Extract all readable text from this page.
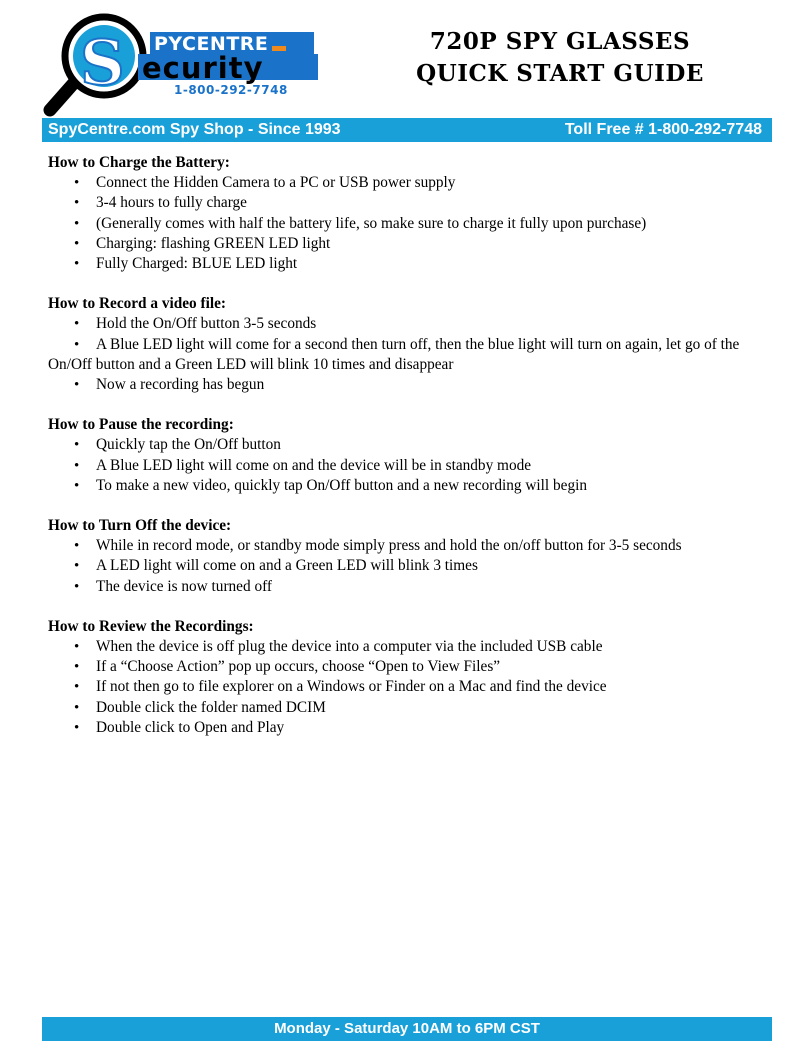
S PYCENTRE
ecurity
1-800-292-7748
720P SPY GLASSES
QUICK START GUIDE
SpyCentre.com Spy Shop - Since 1993	Toll Free # 1-800-292-7748
How to Charge the Battery:
• Connect the Hidden Camera to a PC or USB power supply
• 3-4 hours to fully charge
• (Generally comes with half the battery life, so make sure to charge it fully upon purchase)
• Charging: flashing GREEN LED light
• Fully Charged: BLUE LED light
How to Record a video file:
• Hold the On/Off button 3-5 seconds
• A Blue LED light will come for a second then turn off, then the blue light will turn on again, let go of the On/Off button and a Green LED will blink 10 times and disappear
• Now a recording has begun
How to Pause the recording:
• Quickly tap the On/Off button
• A Blue LED light will come on and the device will be in standby mode
• To make a new video, quickly tap On/Off button and a new recording will begin
How to Turn Off the device:
• While in record mode, or standby mode simply press and hold the on/off button for 3-5 seconds
• A LED light will come on and a Green LED will blink 3 times
• The device is now turned off
How to Review the Recordings:
• When the device is off plug the device into a computer via the included USB cable
• If a “Choose Action” pop up occurs, choose “Open to View Files”
• If not then go to file explorer on a Windows or Finder on a Mac and find the device
• Double click the folder named DCIM
• Double click to Open and Play
Monday - Saturday 10AM to 6PM CST
